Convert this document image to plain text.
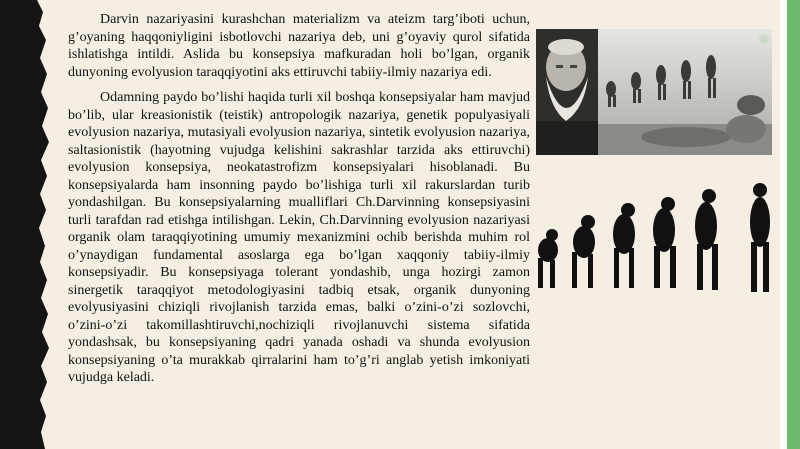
Darvin nazariyasini kurashchan materializm va ateizm targ’iboti uchun, g’oyaning haqqoniyligini isbotlovchi nazariya deb, uni g’oyaviy qurol sifatida ishlatishga intildi. Aslida bu konsepsiya mafkuradan holi bo’lgan, organik dunyoning evolyusion taraqqiyotini aks ettiruvchi tabiiy-ilmiy nazariya edi.

Odamning paydo bo’lishi haqida turli xil boshqa konsepsiyalar ham mavjud bo’lib, ular kreasionistik (teistik) antropologik nazariya, genetik populyasiyali evolyusion nazariya, mutasiyali evolyusion nazariya, sintetik evolyusion nazariya, saltasionistik (hayotning vujudga kelishini sakrashlar tarzida aks ettiruvchi) evolyusion konsepsiya, neokatastrofizm konsepsiyalari hisoblanadi. Bu konsepsiyalarda ham insonning paydo bo’lishiga turli xil rakurslardan turib yondashilgan. Bu konsepsiyalarning mualliflari Ch.Darvinning konsepsiyasini turli tarafdan rad etishga intilishgan. Lekin, Ch.Darvinning evolyusion nazariyasi organik olam taraqqiyotining umumiy mexanizmini ochib berishda muhim rol o’ynaydigan fundamental asoslarga ega bo’lgan xaqqoniy tabiiy-ilmiy konsepsiyadir. Bu konsepsiyaga tolerant yondashib, unga hozirgi zamon sinergetik taraqqiyot metodologiyasini tadbiq etsak, organik dunyoning evolyusiyasini chiziqli rivojlanish tarzida emas, balki o’zini-o’zi sozlovchi, o’zini-o’zi takomillashtiruvchi,nochiziqli rivojlanuvchi sistema sifatida yondashsak, bu konsepsiyaning qadri yanada oshadi va shunda evolyusion konsepsiyaning o’ta murakkab qirralarini ham to’g’ri anglab yetish imkoniyati vujudga keladi.
